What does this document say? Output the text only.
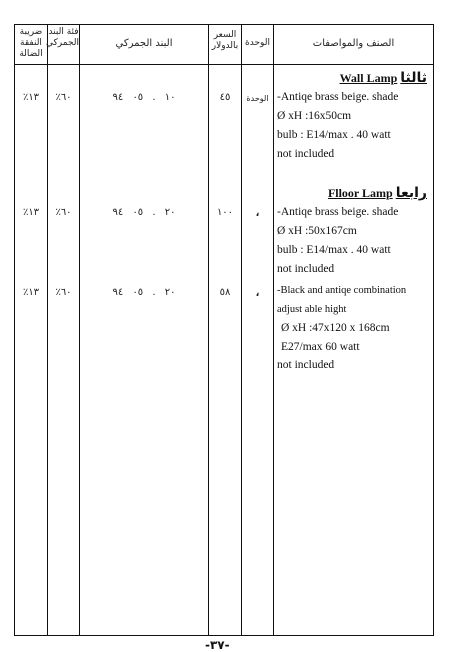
ضريبة النفقة الضالة
فئة البند الجمركي	البند الجمركي
السعر بالدولار الوحدة	الصنف والمواصفات
Wall Lamp ثالثا
-Antiqe brass beige. shade
Ø xH :16x50cm
bulb : E14/max . 40 watt
not included
الوحدة
٤٥
١٠ . ٠٥ ٩٤
٦٠٪
١٣٪
Flloor Lamp رابعا
-Antiqe brass beige. shade
Ø xH :50x167cm
bulb : E14/max . 40 watt
not included
،
١٠٠
٢٠ . ٠٥ ٩٤
٦٠٪
١٣٪
-Black and antiqe combination
adjust able hight
Ø xH :47x120 x 168cm
E27/max 60 watt
not included
،
٥٨
٢٠ . ٠٥ ٩٤
٦٠٪
١٣٪
-٣٧-
